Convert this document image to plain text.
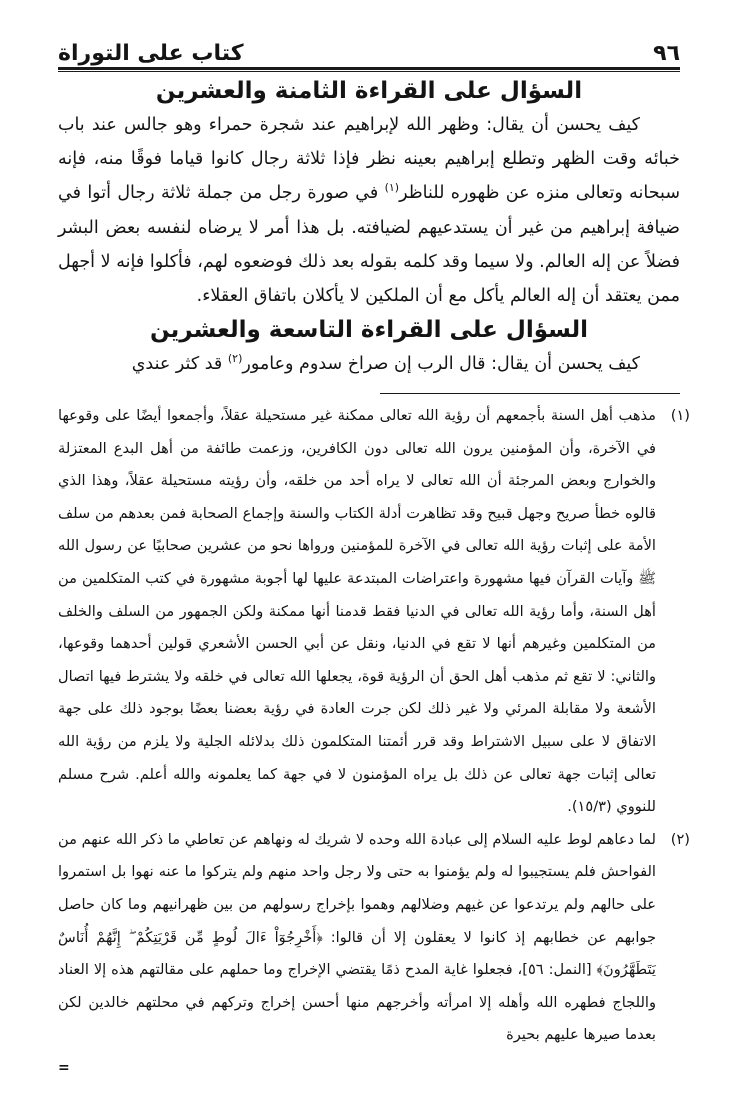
٩٦
كتاب على التوراة
السؤال على القراءة الثامنة والعشرين

كيف يحسن أن يقال: وظهر الله لإبراهيم عند شجرة حمراء وهو جالس عند باب خبائه وقت الظهر وتطلع إبراهيم بعينه نظر فإذا ثلاثة رجال كانوا قياما فوقًا منه، فإنه سبحانه وتعالى منزه عن ظهوره للناظر$^{(١)}$ في صورة رجل من جملة ثلاثة رجال أتوا في ضيافة إبراهيم من غير أن يستدعيهم لضيافته. بل هذا أمر لا يرضاه لنفسه بعض البشر فضلاً عن إله العالم. ولا سيما وقد كلمه بقوله بعد ذلك فوضعوه لهم، فأكلوا فإنه لا أجهل ممن يعتقد أن إله العالم يأكل مع أن الملكين لا يأكلان باتفاق العقلاء.

السؤال على القراءة التاسعة والعشرين

كيف يحسن أن يقال: قال الرب إن صراخ سدوم وعامور$^{(٢)}$ قد كثر عندي

(١)
مذهب أهل السنة بأجمعهم أن رؤية الله تعالى ممكنة غير مستحيلة عقلاً، وأجمعوا أيضًا على وقوعها في الآخرة، وأن المؤمنين يرون الله تعالى دون الكافرين، وزعمت طائفة من أهل البدع المعتزلة والخوارج وبعض المرجئة أن الله تعالى لا يراه أحد من خلقه، وأن رؤيته مستحيلة عقلاً، وهذا الذي قالوه خطأ صريح وجهل قبيح وقد تظاهرت أدلة الكتاب والسنة وإجماع الصحابة فمن بعدهم من سلف الأمة على إثبات رؤية الله تعالى في الآخرة للمؤمنين ورواها نحو من عشرين صحابيًا عن رسول الله ﷺ وآيات القرآن فيها مشهورة واعتراضات المبتدعة عليها لها أجوبة مشهورة في كتب المتكلمين من أهل السنة، وأما رؤية الله تعالى في الدنيا فقط قدمنا أنها ممكنة ولكن الجمهور من السلف والخلف من المتكلمين وغيرهم أنها لا تقع في الدنيا، ونقل عن أبي الحسن الأشعري قولين أحدهما وقوعها، والثاني: لا تقع ثم مذهب أهل الحق أن الرؤية قوة، يجعلها الله تعالى في خلقه ولا يشترط فيها اتصال الأشعة ولا مقابلة المرئي ولا غير ذلك لكن جرت العادة في رؤية بعضنا بعضًا بوجود ذلك على جهة الاتفاق لا على سبيل الاشتراط وقد قرر أئمتنا المتكلمون ذلك بدلائله الجلية ولا يلزم من رؤية الله تعالى إثبات جهة تعالى عن ذلك بل يراه المؤمنون لا في جهة كما يعلمونه والله أعلم. شرح مسلم للنووي (١٥/٣).
(٢)
لما دعاهم لوط عليه السلام إلى عبادة الله وحده لا شريك له ونهاهم عن تعاطي ما ذكر الله عنهم من الفواحش فلم يستجيبوا له ولم يؤمنوا به حتى ولا رجل واحد منهم ولم يتركوا ما عنه نهوا بل استمروا على حالهم ولم يرتدعوا عن غيهم وضلالهم وهموا بإخراج رسولهم من بين ظهرانيهم وما كان حاصل جوابهم عن خطابهم إذ كانوا لا يعقلون إلا أن قالوا: ﴿أَخْرِجُوٓاْ ءَالَ لُوطٍ مِّن قَرْيَتِكُمْ ۖ إِنَّهُمْ أُنَاسٌ يَتَطَهَّرُونَ﴾ [النمل: ٥٦]، فجعلوا غاية المدح ذمًا يقتضي الإخراج وما حملهم على مقالتهم هذه إلا العناد واللجاج فطهره الله وأهله إلا امرأته وأخرجهم منها أحسن إخراج وتركهم في محلتهم خالدين لكن بعدما صيرها عليهم بحيرة
=
